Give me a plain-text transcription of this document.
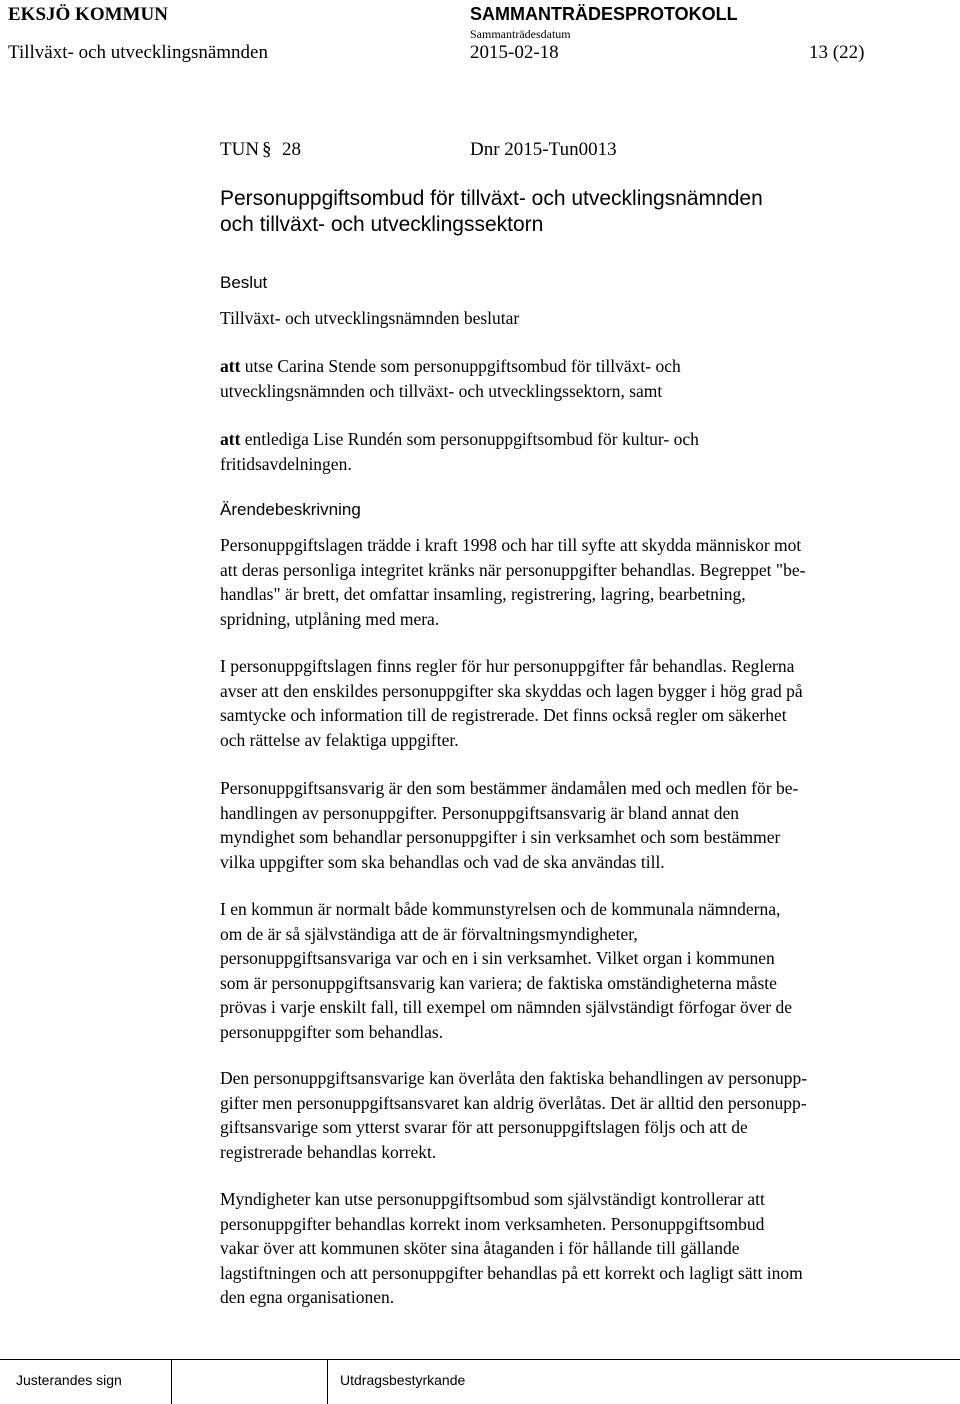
EKSJÖ KOMMUN	SAMMANTRÄDESPROTOKOLL
Sammanträdesdatum
Tillväxt- och utvecklingsnämnden	2015-02-18	13 (22)
TUN § 28	Dnr 2015-Tun0013
Personuppgiftsombud för tillväxt- och utvecklingsnämnden
och tillväxt- och utvecklingssektorn
Beslut

Tillväxt- och utvecklingsnämnden beslutar

att utse Carina Stende som personuppgiftsombud för tillväxt- och

utvecklingsnämnden och tillväxt- och utvecklingssektorn, samt

att entlediga Lise Rundén som personuppgiftsombud för kultur- och

fritidsavdelningen.

Ärendebeskrivning

Personuppgiftslagen trädde i kraft 1998 och har till syfte att skydda människor mot

att deras personliga integritet kränks när personuppgifter behandlas. Begreppet "be-

handlas" är brett, det omfattar insamling, registrering, lagring, bearbetning,

spridning, utplåning med mera.

I personuppgiftslagen finns regler för hur personuppgifter får behandlas. Reglerna

avser att den enskildes personuppgifter ska skyddas och lagen bygger i hög grad på

samtycke och information till de registrerade. Det finns också regler om säkerhet

och rättelse av felaktiga uppgifter.

Personuppgiftsansvarig är den som bestämmer ändamålen med och medlen för be-

handlingen av personuppgifter. Personuppgiftsansvarig är bland annat den

myndighet som behandlar personuppgifter i sin verksamhet och som bestämmer

vilka uppgifter som ska behandlas och vad de ska användas till.

I en kommun är normalt både kommunstyrelsen och de kommunala nämnderna,

om de är så självständiga att de är förvaltningsmyndigheter,

personuppgiftsansvariga var och en i sin verksamhet. Vilket organ i kommunen

som är personuppgiftsansvarig kan variera; de faktiska omständigheterna måste

prövas i varje enskilt fall, till exempel om nämnden självständigt förfogar över de

personuppgifter som behandlas.

Den personuppgiftsansvarige kan överlåta den faktiska behandlingen av personupp-

gifter men personuppgiftsansvaret kan aldrig överlåtas. Det är alltid den personupp-

giftsansvarige som ytterst svarar för att personuppgiftslagen följs och att de

registrerade behandlas korrekt.

Myndigheter kan utse personuppgiftsombud som självständigt kontrollerar att

personuppgifter behandlas korrekt inom verksamheten. Personuppgiftsombud

vakar över att kommunen sköter sina åtaganden i för hållande till gällande

lagstiftningen och att personuppgifter behandlas på ett korrekt och lagligt sätt inom

den egna organisationen.

Justerandes sign	Utdragsbestyrkande
